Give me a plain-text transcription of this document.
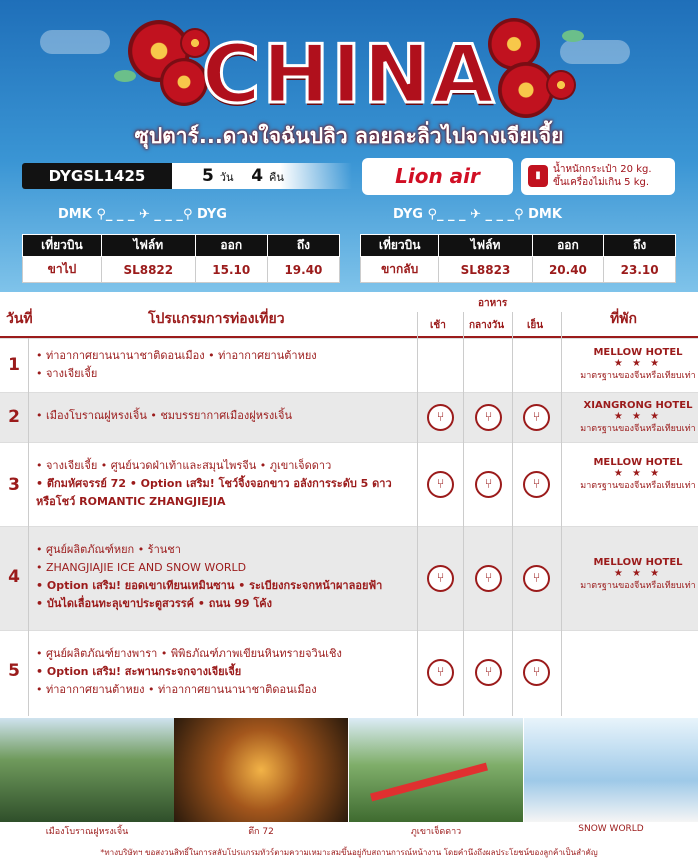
CHINA
ซุปตาร์...ดวงใจฉันปลิว ลอยละลิ่วไปจางเจียเจี้ย
DYGSL1425	5 วัน 4 คืน	Lion air	▮
น้ำหนักกระเป๋า 20 kg.
ขึ้นเครื่องไม่เกิน 5 kg.
DMK ⚲_ _ _ ✈ _ _ _⚲ DYG	DYG ⚲_ _ _ ✈ _ _ _⚲ DMK
เที่ยวบิน	ไฟล์ท	ออก	ถึง
ขาไป	SL8822	15.10	19.40
เที่ยวบิน	ไฟล์ท	ออก	ถึง
ขากลับ	SL8823	20.40	23.10
วันที่	โปรแกรมการท่องเที่ยว
อาหาร
เช้า กลางวัน เย็น	ที่พัก
1	• ท่าอากาศยานนานาชาติดอนเมือง • ท่าอากาศยานต้าหยง
• จางเจียเจี้ย
MELLOW HOTEL
★ ★ ★
มาตรฐานของจีนหรือเทียบเท่า
2	• เมืองโบราณฝูหรงเจิ้น • ชมบรรยากาศเมืองฝูหรงเจิ้น	⑂	⑂	⑂
XIANGRONG HOTEL
★ ★ ★
มาตรฐานของจีนหรือเทียบเท่า
3
• จางเจียเจี้ย • ศูนย์นวดฝ่าเท้าและสมุนไพรจีน • ภูเขาเจ็ดดาว
• ตึกมหัศจรรย์ 72 • Option เสริม! โชว์จิ้งจอกขาว อลังการระดับ 5 ดาว
หรือโชว์ ROMANTIC ZHANGJIEJIA
⑂	⑂	⑂
MELLOW HOTEL
★ ★ ★
มาตรฐานของจีนหรือเทียบเท่า
4
• ศูนย์ผลิตภัณฑ์หยก • ร้านชา
• ZHANGJIAJIE ICE AND SNOW WORLD
• Option เสริม! ยอดเขาเทียนเหมินซาน • ระเบียงกระจกหน้าผาลอยฟ้า
• บันไดเลื่อนทะลุเขาประตูสวรรค์ • ถนน 99 โค้ง
⑂	⑂	⑂
MELLOW HOTEL
★ ★ ★
มาตรฐานของจีนหรือเทียบเท่า
5
• ศูนย์ผลิตภัณฑ์ยางพารา • พิพิธภัณฑ์ภาพเขียนหินทรายจวินเชิง
• Option เสริม! สะพานกระจกจางเจียเจี้ย
• ท่าอากาศยานต้าหยง • ท่าอากาศยานนานาชาติดอนเมือง
⑂	⑂	⑂
เมืองโบราณฝูหรงเจิ้น	ตึก 72	ภูเขาเจ็ดดาว	SNOW WORLD
*ทางบริษัทฯ ขอสงวนสิทธิ์ในการสลับโปรแกรมทัวร์ตามความเหมาะสมขึ้นอยู่กับสถานการณ์หน้างาน โดยคำนึงถึงผลประโยชน์ของลูกค้าเป็นสำคัญ
